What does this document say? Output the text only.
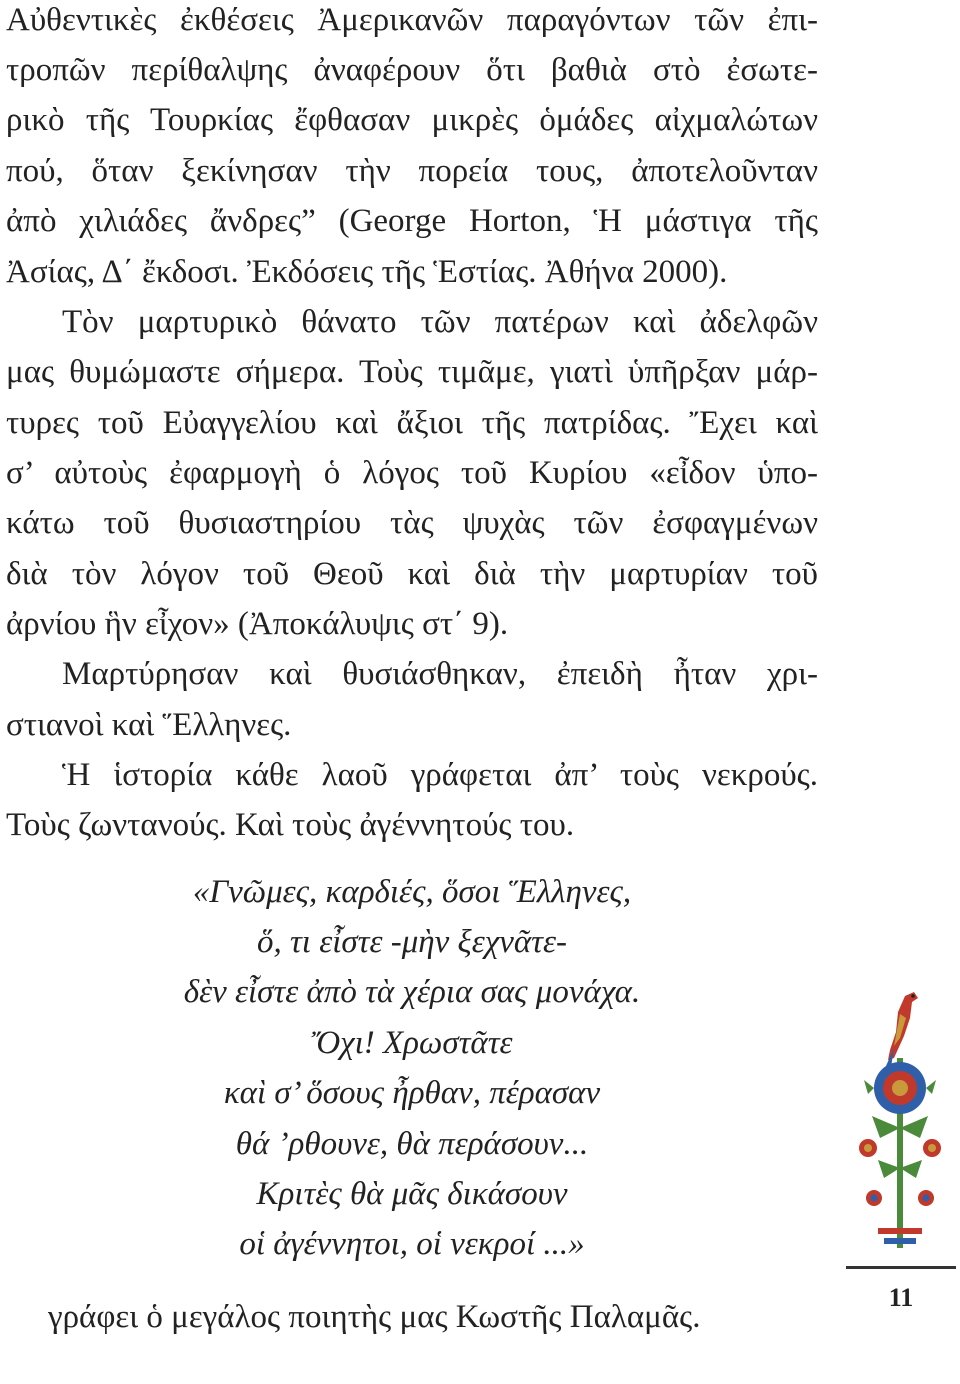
Αὐθεντικὲς ἐκθέσεις Ἀμερικανῶν παραγόντων τῶν ἐπι-
τροπῶν περίθαλψης ἀναφέρουν ὅτι βαθιὰ στὸ ἐσωτε-
ρικὸ τῆς Τουρκίας ἔφθασαν μικρὲς ὁμάδες αἰχμαλώτων
πού, ὅταν ξεκίνησαν τὴν πορεία τους, ἀποτελοῦνταν
ἀπὸ χιλιάδες ἄνδρες” (George Horton, Ἡ μάστιγα τῆς
Ἀσίας, Δ΄ ἔκδοσι. Ἐκδόσεις τῆς Ἑστίας. Ἀθήνα 2000).
Τὸν μαρτυρικὸ θάνατο τῶν πατέρων καὶ ἀδελφῶν
μας θυμώμαστε σήμερα. Τοὺς τιμᾶμε, γιατὶ ὑπῆρξαν μάρ-
τυρες τοῦ Εὐαγγελίου καὶ ἄξιοι τῆς πατρίδας. Ἔχει καὶ
σ’ αὐτοὺς ἐφαρμογὴ ὁ λόγος τοῦ Κυρίου «εἶδον ὑπο-
κάτω τοῦ θυσιαστηρίου τὰς ψυχὰς τῶν ἐσφαγμένων
διὰ τὸν λόγον τοῦ Θεοῦ καὶ διὰ τὴν μαρτυρίαν τοῦ
ἀρνίου ἣν εἶχον» (Ἀποκάλυψις στ΄ 9).
Μαρτύρησαν καὶ θυσιάσθηκαν, ἐπειδὴ ἦταν χρι-
στιανοὶ καὶ Ἕλληνες.
Ἡ ἱστορία κάθε λαοῦ γράφεται ἀπ’ τοὺς νεκρούς.
Τοὺς ζωντανούς. Καὶ τοὺς ἀγέννητούς του.
«Γνῶμες, καρδιές, ὅσοι Ἕλληνες,
ὅ, τι εἶστε -μὴν ξεχνᾶτε-
δὲν εἶστε ἀπὸ τὰ χέρια σας μονάχα.
Ὄχι! Χρωστᾶτε
καὶ σ’ ὅσους ἦρθαν, πέρασαν
θά ’ρθουνε, θὰ περάσουν...
Κριτὲς θὰ μᾶς δικάσουν
οἱ ἀγέννητοι, οἱ νεκροί ...»
γράφει ὁ μεγάλος ποιητὴς μας Κωστῆς Παλαμᾶς.
11
